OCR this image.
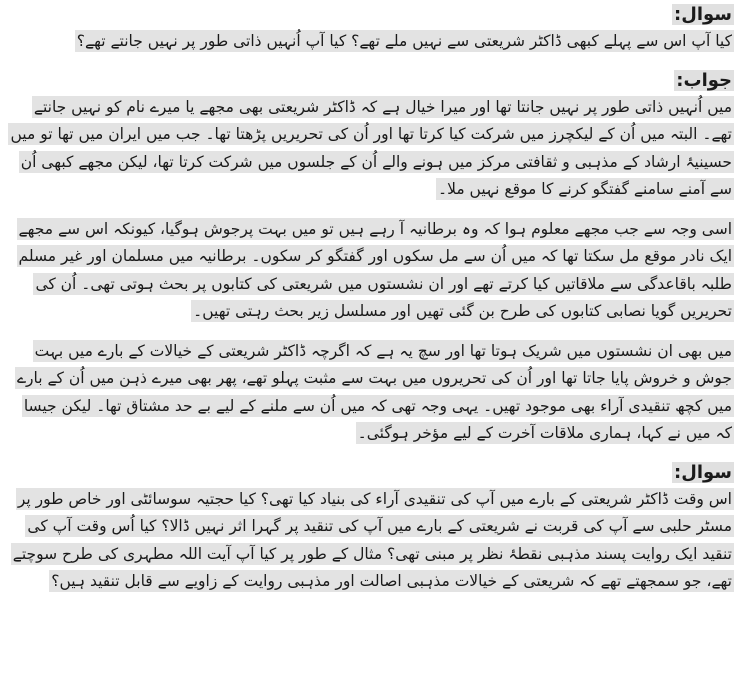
سوال:

کیا آپ اس سے پہلے کبھی ڈاکٹر شریعتی سے نہیں ملے تھے؟ کیا آپ اُنہیں ذاتی طور پر نہیں جانتے تھے؟

جواب:

میں اُنہیں ذاتی طور پر نہیں جانتا تھا اور میرا خیال ہے کہ ڈاکٹر شریعتی بھی مجھے یا میرے نام کو نہیں جانتے تھے۔ البتہ میں اُن کے لیکچرز میں شرکت کیا کرتا تھا اور اُن کی تحریریں پڑھتا تھا۔ جب میں ایران میں تھا تو میں حسینیۂ ارشاد کے مذہبی و ثقافتی مرکز میں ہونے والے اُن کے جلسوں میں شرکت کرتا تھا، لیکن مجھے کبھی اُن سے آمنے سامنے گفتگو کرنے کا موقع نہیں ملا۔

اسی وجہ سے جب مجھے معلوم ہوا کہ وہ برطانیہ آ رہے ہیں تو میں بہت پرجوش ہوگیا، کیونکہ اس سے مجھے ایک نادر موقع مل سکتا تھا کہ میں اُن سے مل سکوں اور گفتگو کر سکوں۔ برطانیہ میں مسلمان اور غیر مسلم طلبہ باقاعدگی سے ملاقاتیں کیا کرتے تھے اور ان نشستوں میں شریعتی کی کتابوں پر بحث ہوتی تھی۔ اُن کی تحریریں گویا نصابی کتابوں کی طرح بن گئی تھیں اور مسلسل زیر بحث رہتی تھیں۔

میں بھی ان نشستوں میں شریک ہوتا تھا اور سچ یہ ہے کہ اگرچہ ڈاکٹر شریعتی کے خیالات کے بارے میں بہت جوش و خروش پایا جاتا تھا اور اُن کی تحریروں میں بہت سے مثبت پہلو تھے، پھر بھی میرے ذہن میں اُن کے بارے میں کچھ تنقیدی آراء بھی موجود تھیں۔ یہی وجہ تھی کہ میں اُن سے ملنے کے لیے بے حد مشتاق تھا۔ لیکن جیسا کہ میں نے کہا، ہماری ملاقات آخرت کے لیے مؤخر ہوگئی۔

سوال:

اس وقت ڈاکٹر شریعتی کے بارے میں آپ کی تنقیدی آراء کی بنیاد کیا تھی؟ کیا حجتیہ سوسائٹی اور خاص طور پر مسٹر حلبی سے آپ کی قربت نے شریعتی کے بارے میں آپ کی تنقید پر گہرا اثر نہیں ڈالا؟ کیا اُس وقت آپ کی تنقید ایک روایت پسند مذہبی نقطۂ نظر پر مبنی تھی؟ مثال کے طور پر کیا آپ آیت اللہ مطہری کی طرح سوچتے تھے، جو سمجھتے تھے کہ شریعتی کے خیالات مذہبی اصالت اور مذہبی روایت کے زاویے سے قابل تنقید ہیں؟
